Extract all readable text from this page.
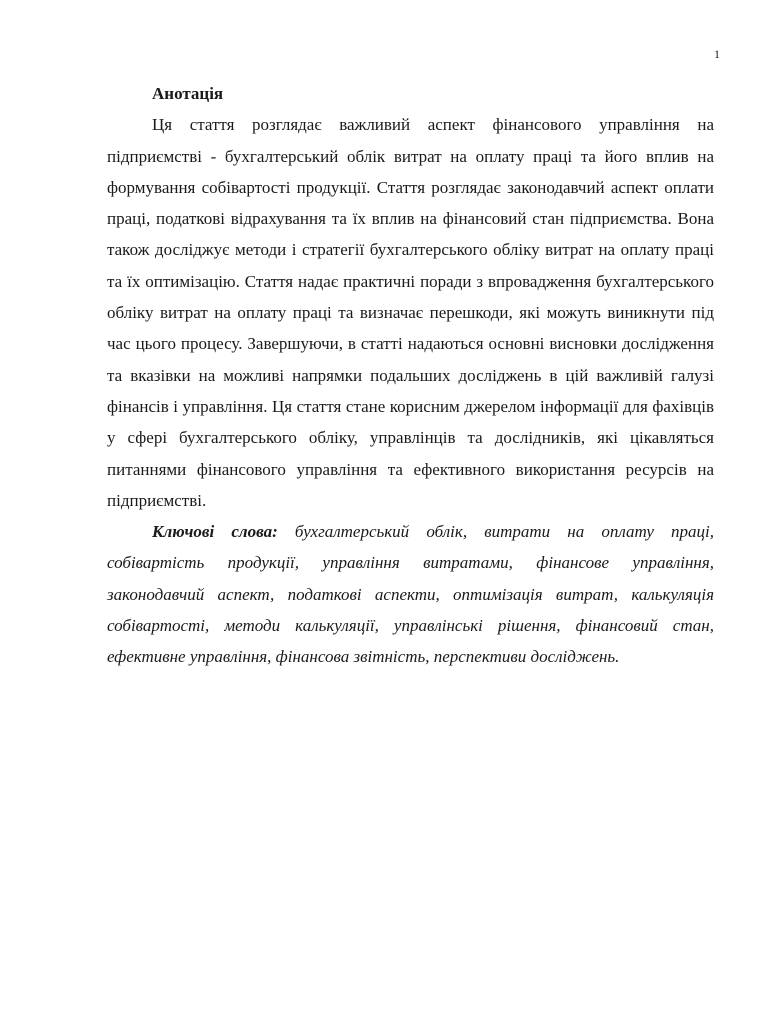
1

Анотація

Ця стаття розглядає важливий аспект фінансового управління на підприємстві - бухгалтерський облік витрат на оплату праці та його вплив на формування собівартості продукції. Стаття розглядає законодавчий аспект оплати праці, податкові відрахування та їх вплив на фінансовий стан підприємства. Вона також досліджує методи і стратегії бухгалтерського обліку витрат на оплату праці та їх оптимізацію. Стаття надає практичні поради з впровадження бухгалтерського обліку витрат на оплату праці та визначає перешкоди, які можуть виникнути під час цього процесу. Завершуючи, в статті надаються основні висновки дослідження та вказівки на можливі напрямки подальших досліджень в цій важливій галузі фінансів і управління. Ця стаття стане корисним джерелом інформації для фахівців у сфері бухгалтерського обліку, управлінців та дослідників, які цікавляться питаннями фінансового управління та ефективного використання ресурсів на підприємстві.

Ключові слова: бухгалтерський облік, витрати на оплату праці, собівартість продукції, управління витратами, фінансове управління, законодавчий аспект, податкові аспекти, оптимізація витрат, калькуляція собівартості, методи калькуляції, управлінські рішення, фінансовий стан, ефективне управління, фінансова звітність, перспективи досліджень.
